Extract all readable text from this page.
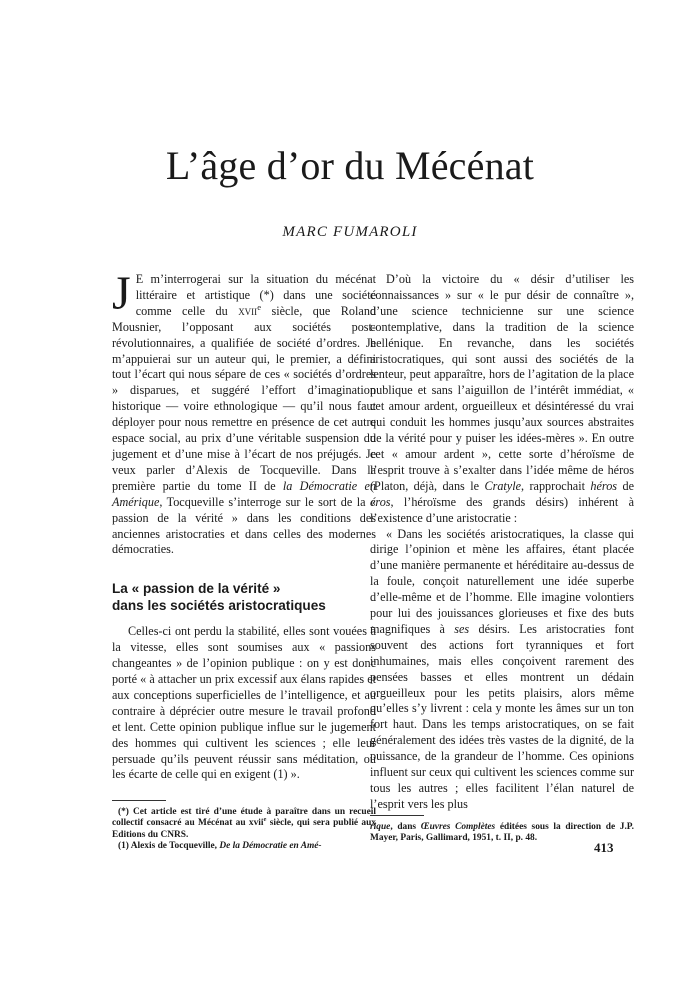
L’âge d’or du Mécénat

MARC FUMAROLI

J E m’interrogerai sur la situation du mécénat littéraire et artistique (*) dans une société comme celle du xvii$^e$ siècle, que Roland Mousnier, l’opposant aux sociétés post-révolutionnaires, a qualifiée de société d’ordres. Je m’appuierai sur un auteur qui, le premier, a défini tout l’écart qui nous sépare de ces « sociétés d’ordres » disparues, et suggéré l’effort d’imagination historique — voire ethnologique — qu’il nous faut déployer pour nous remettre en présence de cet autre espace social, au prix d’une véritable suspension du jugement et d’une mise à l’écart de nos préjugés. Je veux parler d’Alexis de Tocqueville. Dans la première partie du tome II de la Démocratie en Amérique, Tocqueville s’interroge sur le sort de la « passion de la vérité » dans les conditions des anciennes aristocraties et dans celles des modernes démocraties.

La « passion de la vérité »
dans les sociétés aristocratiques

Celles-ci ont perdu la stabilité, elles sont vouées à la vitesse, elles sont soumises aux « passions changeantes » de l’opinion publique : on y est donc porté « à attacher un prix excessif aux élans rapides et aux conceptions superficielles de l’intelligence, et au contraire à déprécier outre mesure le travail profond et lent. Cette opinion publique influe sur le jugement des hommes qui cultivent les sciences ; elle leur persuade qu’ils peuvent réussir sans méditation, ou les écarte de celle qui en exigent (1) ».

D’où la victoire du « désir d’utiliser les connaissances » sur « le pur désir de connaître », d’une science technicienne sur une science contemplative, dans la tradition de la science hellénique. En revanche, dans les sociétés aristocratiques, qui sont aussi des sociétés de la lenteur, peut apparaître, hors de l’agitation de la place publique et sans l’aiguillon de l’intérêt immédiat, « cet amour ardent, orgueilleux et désintéressé du vrai qui conduit les hommes jusqu’aux sources abstraites de la vérité pour y puiser les idées-mères ». En outre cet « amour ardent », cette sorte d’héroïsme de l’esprit trouve à s’exalter dans l’idée même de héros (Platon, déjà, dans le Cratyle, rapprochait héros de éros, l’héroïsme des grands désirs) inhérent à l’existence d’une aristocratie :

« Dans les sociétés aristocratiques, la classe qui dirige l’opinion et mène les affaires, étant placée d’une manière permanente et héréditaire au-dessus de la foule, conçoit naturellement une idée superbe d’elle-même et de l’homme. Elle imagine volontiers pour lui des jouissances glorieuses et fixe des buts magnifiques à ses désirs. Les aristocraties font souvent des actions fort tyranniques et fort inhumaines, mais elles conçoivent rarement des pensées basses et elles montrent un dédain orgueilleux pour les petits plaisirs, alors même qu’elles s’y livrent : cela y monte les âmes sur un ton fort haut. Dans les temps aristocratiques, on se fait généralement des idées très vastes de la dignité, de la puissance, de la grandeur de l’homme. Ces opinions influent sur ceux qui cultivent les sciences comme sur tous les autres ; elles facilitent l’élan naturel de l’esprit vers les plus

(*) Cet article est tiré d’une étude à paraître dans un recueil collectif consacré au Mécénat au xvii$^e$ siècle, qui sera publié aux Editions du CNRS.

(1) Alexis de Tocqueville, De la Démocratie en Amé-

rique, dans Œuvres Complètes éditées sous la direction de J.P. Mayer, Paris, Gallimard, 1951, t. II, p. 48.

413
